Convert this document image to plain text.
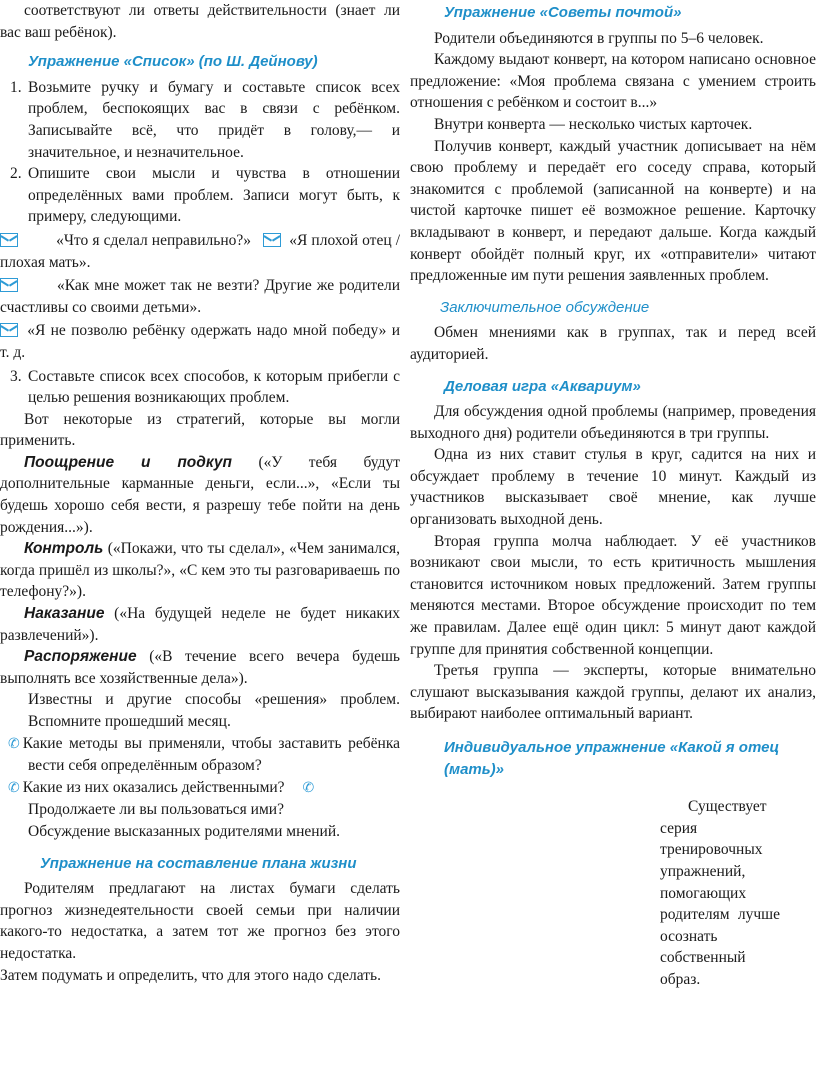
соответствуют ли ответы действительности (знает ли вас ваш ребёнок).

Упражнение «Список» (по Ш. Дейнову)
1. Возьмите ручку и бумагу и составьте список всех проблем, беспокоящих вас в связи с ребёнком. Записывайте всё, что придёт в голову,— и значительное, и незначительное.
2. Опишите свои мысли и чувства в отношении определённых вами проблем. Записи могут быть, к примеру, следующими.

«Что я сделал неправильно?» «Я плохой отец / плохая мать».

«Как мне может так не везти? Другие же родители счастливы со своими детьми».

«Я не позволю ребёнку одержать надо мной победу» и т. д.

3. Составьте список всех способов, к которым прибегли с целью решения возникающих проблем.

Вот некоторые из стратегий, которые вы могли применить.

Поощрение и подкуп («У тебя будут дополнительные карманные деньги, если...», «Если ты будешь хорошо себя вести, я разрешу тебе пойти на день рождения...»).

Контроль («Покажи, что ты сделал», «Чем занимался, когда пришёл из школы?», «С кем это ты разговариваешь по телефону?»).

Наказание («На будущей неделе не будет никаких развлечений»).

Распоряжение («В течение всего вечера будешь выполнять все хозяйственные дела»).

Известны и другие способы «решения» проблем. Вспомните прошедший месяц.

✆ Какие методы вы применяли, чтобы заставить ребёнка вести себя определённым образом?

✆ Какие из них оказались действенными? ✆

Продолжаете ли вы пользоваться ими?

Обсуждение высказанных родителями мнений.

Упражнение на составление плана жизни

Родителям предлагают на листах бумаги сделать прогноз жизнедеятельности своей семьи при наличии какого-то недостатка, а затем тот же прогноз без этого недостатка.

Затем подумать и определить, что для этого надо сделать.

Упражнение «Советы почтой»

Родители объединяются в группы по 5–6 человек.

Каждому выдают конверт, на котором написано основное предложение: «Моя проблема связана с умением строить отношения с ребёнком и состоит в...»

Внутри конверта — несколько чистых карточек.

Получив конверт, каждый участник дописывает на нём свою проблему и передаёт его соседу справа, который знакомится с проблемой (записанной на конверте) и на чистой карточке пишет её возможное решение. Карточку вкладывают в конверт, и передают дальше. Когда каждый конверт обойдёт полный круг, их «отправители» читают предложенные им пути решения заявленных проблем.

Заключительное обсуждение

Обмен мнениями как в группах, так и перед всей аудиторией.

Деловая игра «Аквариум»

Для обсуждения одной проблемы (например, проведения выходного дня) родители объединяются в три группы.

Одна из них ставит стулья в круг, садится на них и обсуждает проблему в течение 10 минут. Каждый из участников высказывает своё мнение, как лучше организовать выходной день.

Вторая группа молча наблюдает. У её участников возникают свои мысли, то есть критичность мышления становится источником новых предложений. Затем группы меняются местами. Второе обсуждение происходит по тем же правилам. Далее ещё один цикл: 5 минут дают каждой группе для принятия собственной концепции.

Третья группа — эксперты, которые внимательно слушают высказывания каждой группы, делают их анализ, выбирают наиболее оптимальный вариант.

Индивидуальное упражнение «Какой я отец (мать)»

Существует серия тренировочных упражнений, помогающих родителям лучше осознать собственный образ.
